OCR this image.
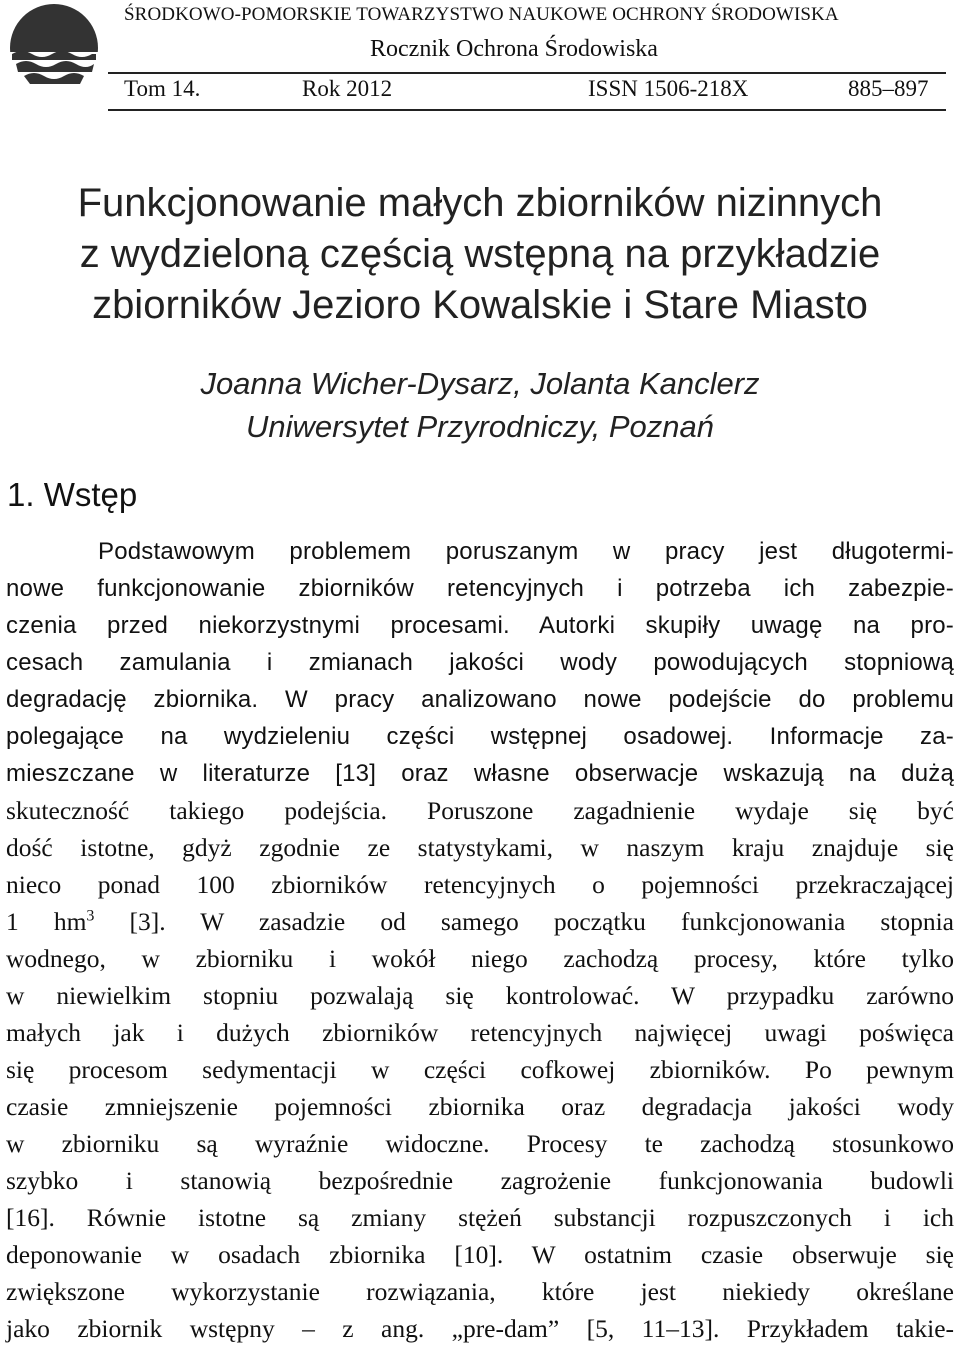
ŚRODKOWO-POMORSKIE TOWARZYSTWO NAUKOWE OCHRONY ŚRODOWISKA
Rocznik Ochrona Środowiska
Tom 14.	Rok 2012	ISSN 1506-218X	885–897
Funkcjonowanie małych zbiorników nizinnych
z wydzieloną częścią wstępną na przykładzie
zbiorników Jezioro Kowalskie i Stare Miasto
Joanna Wicher-Dysarz, Jolanta Kanclerz
Uniwersytet Przyrodniczy, Poznań
1. Wstęp
Podstawowym problemem poruszanym w pracy jest długotermi-
nowe funkcjonowanie zbiorników retencyjnych i potrzeba ich zabezpie-
czenia przed niekorzystnymi procesami. Autorki skupiły uwagę na pro-
cesach zamulania i zmianach jakości wody powodujących stopniową
degradację zbiornika. W pracy analizowano nowe podejście do problemu
polegające na wydzieleniu części wstępnej osadowej. Informacje za-
mieszczane w literaturze [13] oraz własne obserwacje wskazują na dużą
skuteczność takiego podejścia. Poruszone zagadnienie wydaje się być
dość istotne, gdyż zgodnie ze statystykami, w naszym kraju znajduje się
nieco ponad 100 zbiorników retencyjnych o pojemności przekraczającej
1 $hm^3$ [3]. W zasadzie od samego początku funkcjonowania stopnia
wodnego, w zbiorniku i wokół niego zachodzą procesy, które tylko
w niewielkim stopniu pozwalają się kontrolować. W przypadku zarówno
małych jak i dużych zbiorników retencyjnych najwięcej uwagi poświęca
się procesom sedymentacji w części cofkowej zbiorników. Po pewnym
czasie zmniejszenie pojemności zbiornika oraz degradacja jakości wody
w zbiorniku są wyraźnie widoczne. Procesy te zachodzą stosunkowo
szybko i stanowią bezpośrednie zagrożenie funkcjonowania budowli
[16]. Równie istotne są zmiany stężeń substancji rozpuszczonych i ich
deponowanie w osadach zbiornika [10]. W ostatnim czasie obserwuje się
zwiększone wykorzystanie rozwiązania, które jest niekiedy określane
jako zbiornik wstępny – z ang. „pre-dam” [5, 11–13]. Przykładem takie-
